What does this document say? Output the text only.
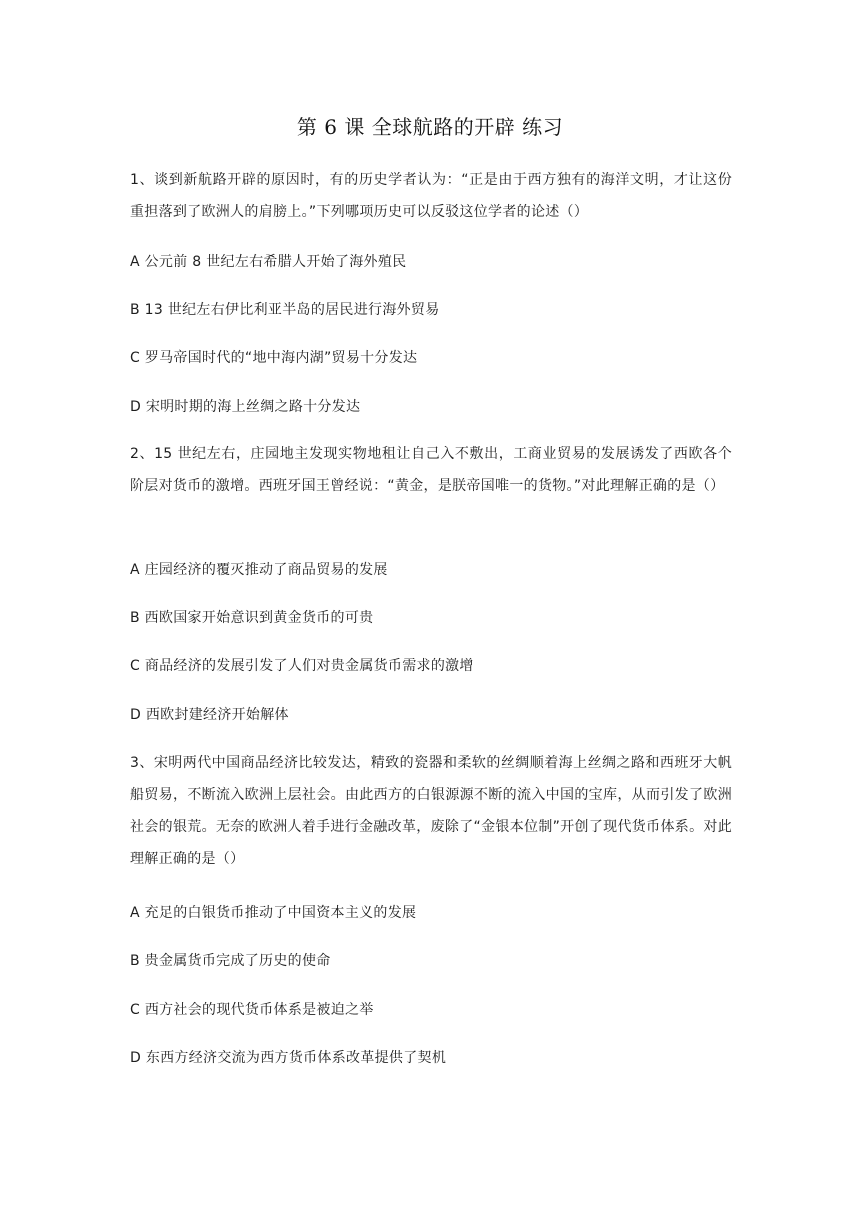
第 6 课 全球航路的开辟 练习
1、谈到新航路开辟的原因时，有的历史学者认为：“正是由于西方独有的海洋文明，才让这份重担落到了欧洲人的肩膀上。”下列哪项历史可以反驳这位学者的论述（）
A 公元前 8 世纪左右希腊人开始了海外殖民
B 13 世纪左右伊比利亚半岛的居民进行海外贸易
C 罗马帝国时代的“地中海内湖”贸易十分发达
D 宋明时期的海上丝绸之路十分发达
2、15 世纪左右，庄园地主发现实物地租让自己入不敷出，工商业贸易的发展诱发了西欧各个阶层对货币的激增。西班牙国王曾经说：“黄金，是朕帝国唯一的货物。”对此理解正确的是（）
A 庄园经济的覆灭推动了商品贸易的发展
B 西欧国家开始意识到黄金货币的可贵
C 商品经济的发展引发了人们对贵金属货币需求的激增
D 西欧封建经济开始解体
3、宋明两代中国商品经济比较发达，精致的瓷器和柔软的丝绸顺着海上丝绸之路和西班牙大帆船贸易，不断流入欧洲上层社会。由此西方的白银源源不断的流入中国的宝库，从而引发了欧洲社会的银荒。无奈的欧洲人着手进行金融改革，废除了“金银本位制”开创了现代货币体系。对此理解正确的是（）
A 充足的白银货币推动了中国资本主义的发展
B 贵金属货币完成了历史的使命
C 西方社会的现代货币体系是被迫之举
D 东西方经济交流为西方货币体系改革提供了契机
